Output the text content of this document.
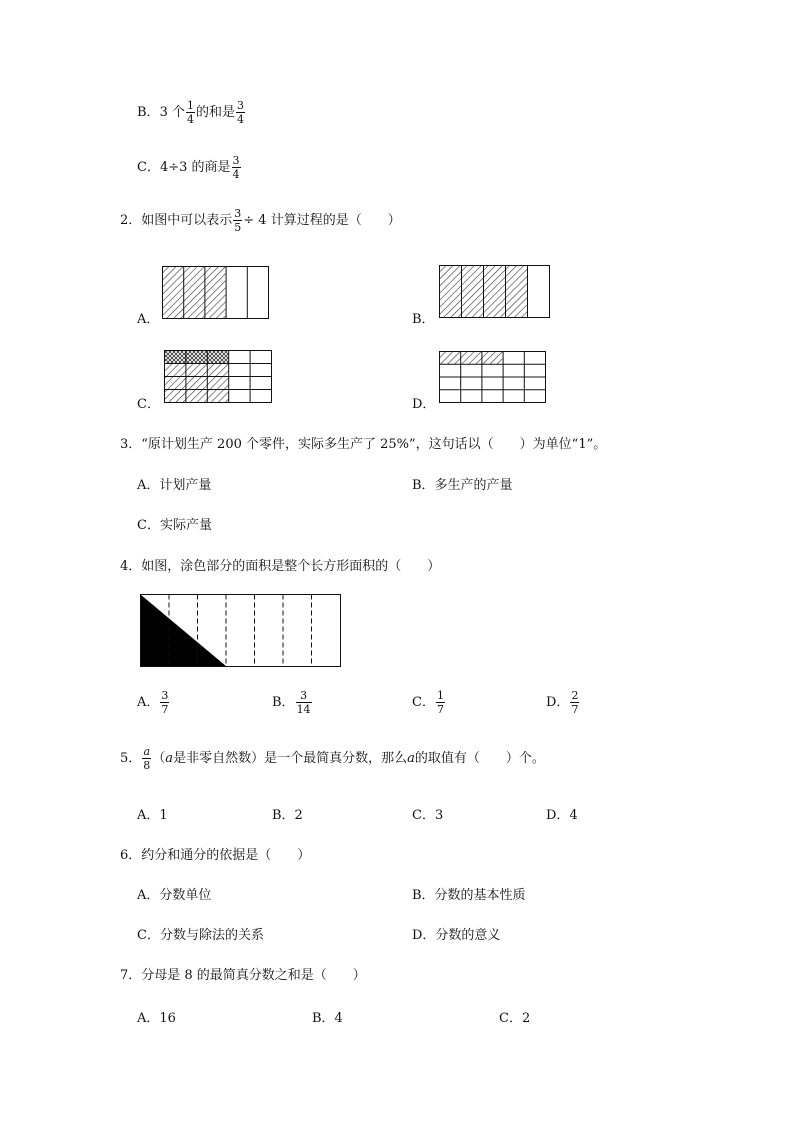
B．3 个 $\frac{1}{4}$ 的和是 $\frac{3}{4}$
C．4÷3 的商是 $\frac{3}{4}$
2．如图中可以表示 $\frac{3}{5} \div 4$ 计算过程的是（　　）
A．	B．
C．	D．
3．“原计划生产 200 个零件，实际多生产了 25%”，这句话以（　　）为单位“1”。
A．计划产量	B．多生产的产量
C．实际产量
4．如图，涂色部分的面积是整个长方形面积的（　　）
A． $\frac{3}{7}$	B． $\frac{3}{14}$	C． $\frac{1}{7}$	D． $\frac{2}{7}$
5． $\frac{a}{8} (a$是非零自然数）是一个最简真分数，那么a的取值有（　　）个。
A．1	B．2	C．3	D．4
6．约分和通分的依据是（　　）
A．分数单位	B．分数的基本性质
C．分数与除法的关系	D．分数的意义
7．分母是 8 的最简真分数之和是（　　）
A．16	B．4	C．2
